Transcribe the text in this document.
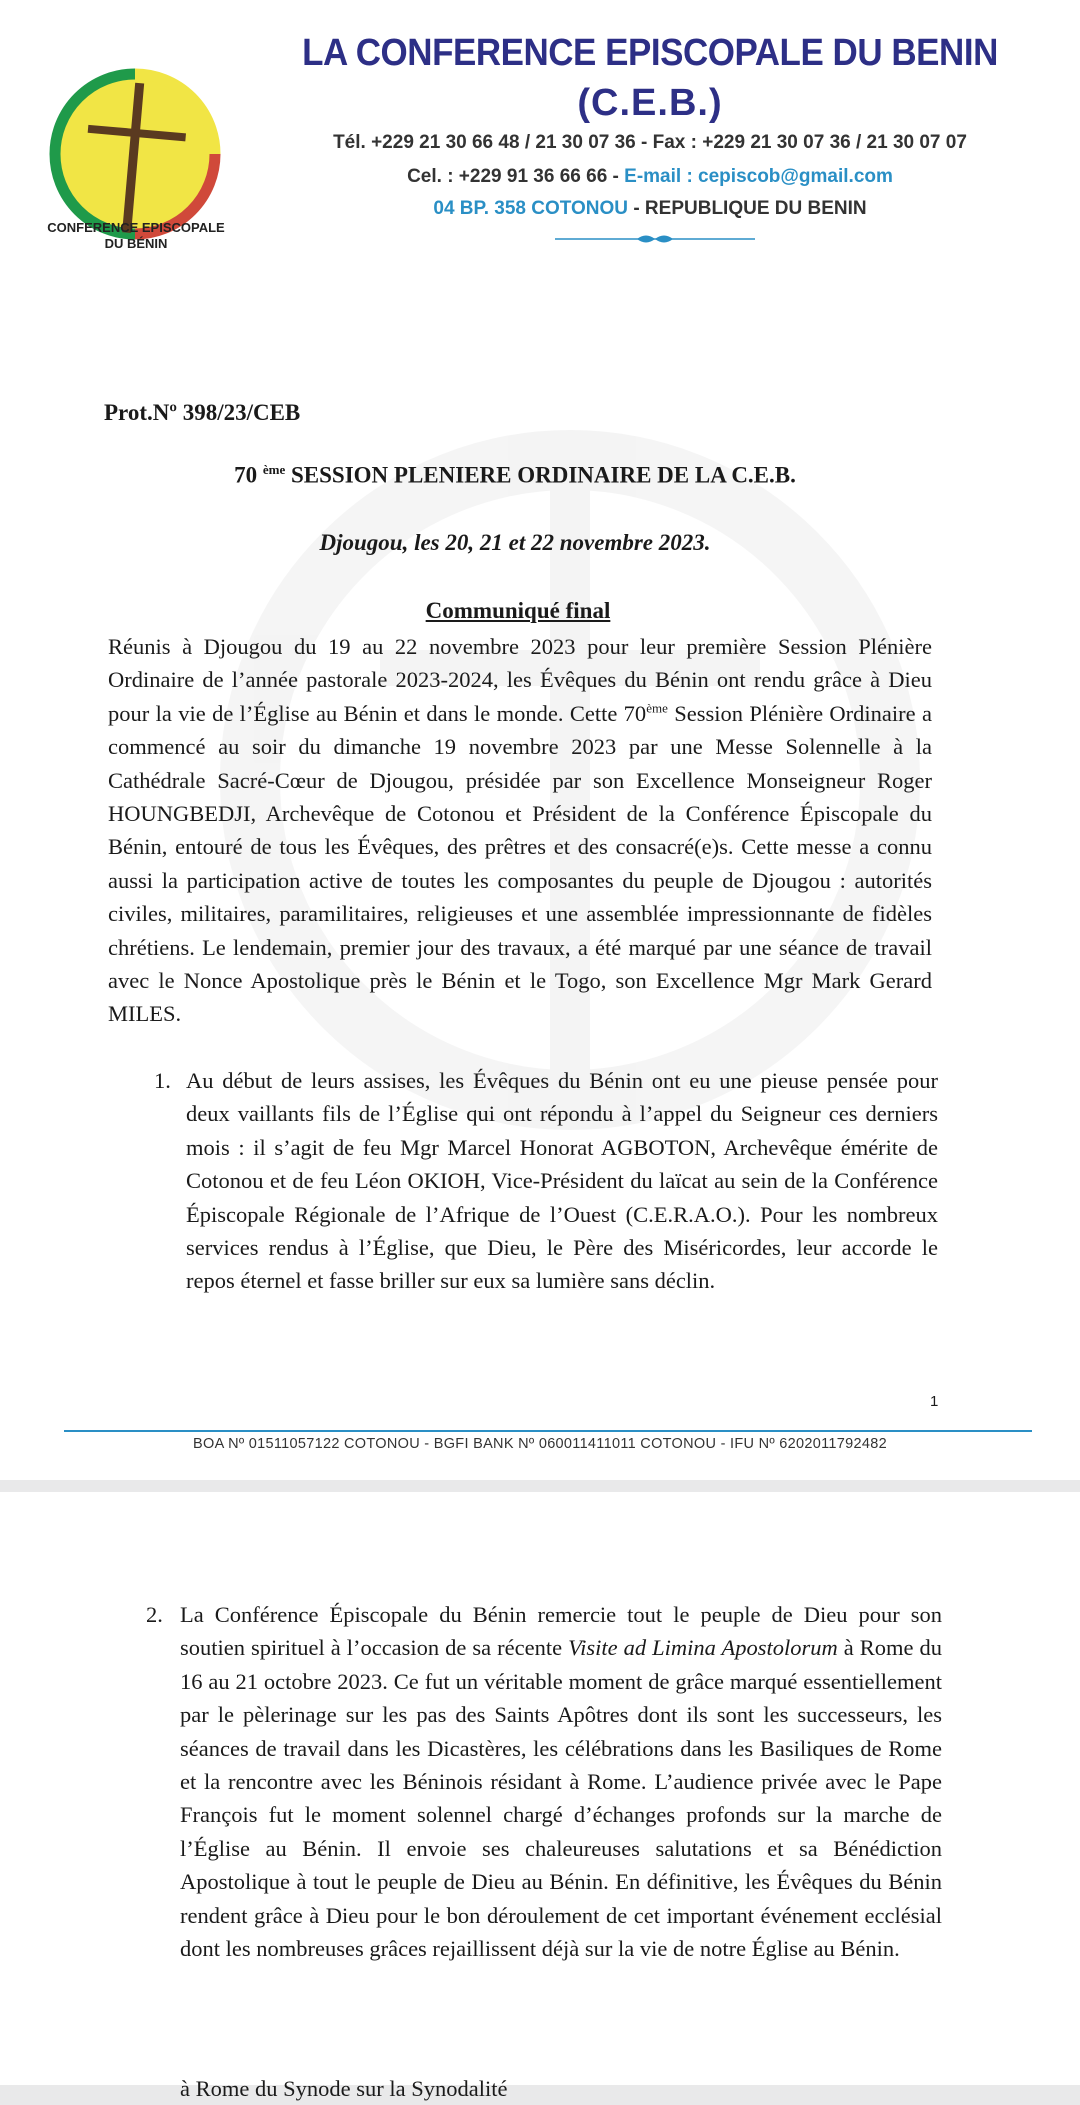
CONFERENCE EPISCOPALE
DU BÉNIN
LA CONFERENCE EPISCOPALE DU BENIN
(C.E.B.)
Tél. +229 21 30 66 48 / 21 30 07 36 - Fax : +229 21 30 07 36 / 21 30 07 07
Cel. : +229 91 36 66 66 - E-mail : cepiscob@gmail.com
04 BP. 358 COTONOU - REPUBLIQUE DU BENIN
Prot.Nº 398/23/CEB
70 $^{ème}$ SESSION PLENIERE ORDINAIRE DE LA C.E.B.
Djougou, les 20, 21 et 22 novembre 2023.
Communiqué final
Réunis à Djougou du 19 au 22 novembre 2023 pour leur première Session Plénière Ordinaire de l’année pastorale 2023-2024, les Évêques du Bénin ont rendu grâce à Dieu pour la vie de l’Église au Bénin et dans le monde. Cette 70ème Session Plénière Ordinaire a commencé au soir du dimanche 19 novembre 2023 par une Messe Solennelle à la Cathédrale Sacré-Cœur de Djougou, présidée par son Excellence Monseigneur Roger HOUNGBEDJI, Archevêque de Cotonou et Président de la Conférence Épiscopale du Bénin, entouré de tous les Évêques, des prêtres et des consacré(e)s. Cette messe a connu aussi la participation active de toutes les composantes du peuple de Djougou : autorités civiles, militaires, paramilitaires, religieuses et une assemblée impressionnante de fidèles chrétiens. Le lendemain, premier jour des travaux, a été marqué par une séance de travail avec le Nonce Apostolique près le Bénin et le Togo, son Excellence Mgr Mark Gerard MILES.
1. Au début de leurs assises, les Évêques du Bénin ont eu une pieuse pensée pour deux vaillants fils de l’Église qui ont répondu à l’appel du Seigneur ces derniers mois : il s’agit de feu Mgr Marcel Honorat AGBOTON, Archevêque émérite de Cotonou et de feu Léon OKIOH, Vice-Président du laïcat au sein de la Conférence Épiscopale Régionale de l’Afrique de l’Ouest (C.E.R.A.O.). Pour les nombreux services rendus à l’Église, que Dieu, le Père des Miséricordes, leur accorde le repos éternel et fasse briller sur eux sa lumière sans déclin.
1
BOA Nº 01511057122 COTONOU - BGFI BANK Nº 060011411011 COTONOU - IFU Nº 6202011792482
2. La Conférence Épiscopale du Bénin remercie tout le peuple de Dieu pour son soutien spirituel à l’occasion de sa récente Visite ad Limina Apostolorum à Rome du 16 au 21 octobre 2023. Ce fut un véritable moment de grâce marqué essentiellement par le pèlerinage sur les pas des Saints Apôtres dont ils sont les successeurs, les séances de travail dans les Dicastères, les célébrations dans les Basiliques de Rome et la rencontre avec les Béninois résidant à Rome. L’audience privée avec le Pape François fut le moment solennel chargé d’échanges profonds sur la marche de l’Église au Bénin. Il envoie ses chaleureuses salutations et sa Bénédiction Apostolique à tout le peuple de Dieu au Bénin. En définitive, les Évêques du Bénin rendent grâce à Dieu pour le bon déroulement de cet important événement ecclésial dont les nombreuses grâces rejaillissent déjà sur la vie de notre Église au Bénin.
à Rome du Synode sur la Synodalité
